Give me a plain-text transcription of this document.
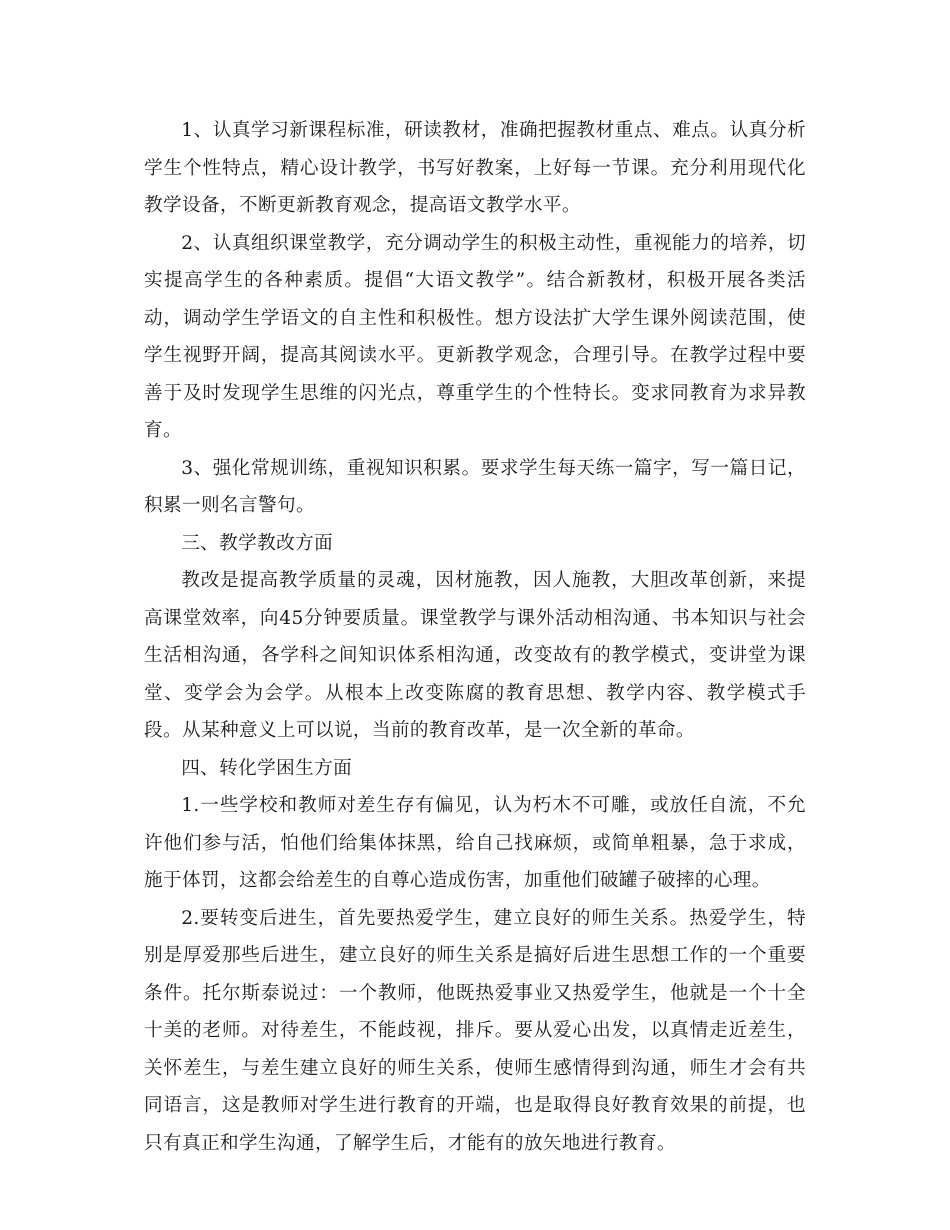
1、认真学习新课程标准，研读教材，准确把握教材重点、难点。认真分析学生个性特点，精心设计教学，书写好教案，上好每一节课。充分利用现代化教学设备，不断更新教育观念，提高语文教学水平。

2、认真组织课堂教学，充分调动学生的积极主动性，重视能力的培养，切实提高学生的各种素质。提倡“大语文教学”。结合新教材，积极开展各类活动，调动学生学语文的自主性和积极性。想方设法扩大学生课外阅读范围，使学生视野开阔，提高其阅读水平。更新教学观念，合理引导。在教学过程中要善于及时发现学生思维的闪光点，尊重学生的个性特长。变求同教育为求异教育。

3、强化常规训练，重视知识积累。要求学生每天练一篇字，写一篇日记，积累一则名言警句。

三、教学教改方面

教改是提高教学质量的灵魂，因材施教，因人施教，大胆改革创新，来提高课堂效率，向45分钟要质量。课堂教学与课外活动相沟通、书本知识与社会生活相沟通，各学科之间知识体系相沟通，改变故有的教学模式，变讲堂为课堂、变学会为会学。从根本上改变陈腐的教育思想、教学内容、教学模式手段。从某种意义上可以说，当前的教育改革，是一次全新的革命。

四、转化学困生方面

1.一些学校和教师对差生存有偏见，认为朽木不可雕，或放任自流，不允许他们参与活，怕他们给集体抹黑，给自己找麻烦，或简单粗暴，急于求成，施于体罚，这都会给差生的自尊心造成伤害，加重他们破罐子破摔的心理。

2.要转变后进生，首先要热爱学生，建立良好的师生关系。热爱学生，特别是厚爱那些后进生，建立良好的师生关系是搞好后进生思想工作的一个重要条件。托尔斯泰说过：一个教师，他既热爱事业又热爱学生，他就是一个十全十美的老师。对待差生，不能歧视，排斥。要从爱心出发，以真情走近差生，关怀差生，与差生建立良好的师生关系，使师生感情得到沟通，师生才会有共同语言，这是教师对学生进行教育的开端，也是取得良好教育效果的前提，也只有真正和学生沟通，了解学生后，才能有的放矢地进行教育。
